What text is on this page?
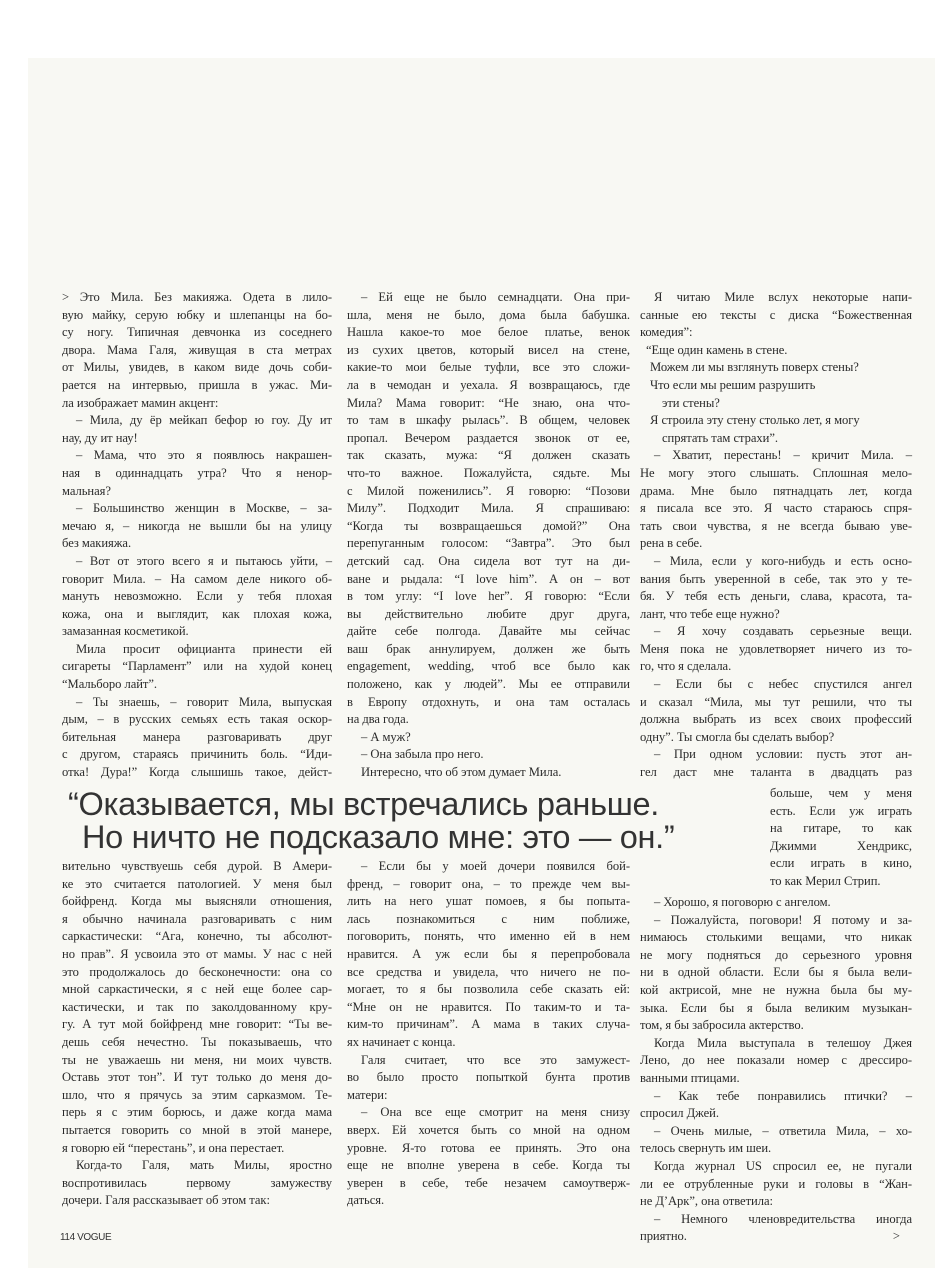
> Это Мила. Без макияжа. Одета в лило-
вую майку, серую юбку и шлепанцы на бо-
су ногу. Типичная девчонка из соседнего
двора. Мама Галя, живущая в ста метрах
от Милы, увидев, в каком виде дочь соби-
рается на интервью, пришла в ужас. Ми-
ла изображает мамин акцент:
– Мила, ду ёр мейкап бефор ю гоу. Ду ит
нау, ду ит нау!
– Мама, что это я появлюсь накрашен-
ная в одиннадцать утра? Что я ненор-
мальная?
– Большинство женщин в Москве, – за-
мечаю я, – никогда не вышли бы на улицу
без макияжа.
– Вот от этого всего я и пытаюсь уйти, –
говорит Мила. – На самом деле никого об-
мануть невозможно. Если у тебя плохая
кожа, она и выглядит, как плохая кожа,
замазанная косметикой.
Мила просит официанта принести ей
сигареты “Парламент” или на худой конец
“Мальборо лайт”.
– Ты знаешь, – говорит Мила, выпуская
дым, – в русских семьях есть такая оскор-
бительная манера разговаривать друг
с другом, стараясь причинить боль. “Иди-
отка! Дура!” Когда слышишь такое, дейст-
– Ей еще не было семнадцати. Она при-
шла, меня не было, дома была бабушка.
Нашла какое-то мое белое платье, венок
из сухих цветов, который висел на стене,
какие-то мои белые туфли, все это сложи-
ла в чемодан и уехала. Я возвращаюсь, где
Мила? Мама говорит: “Не знаю, она что-
то там в шкафу рылась”. В общем, человек
пропал. Вечером раздается звонок от ее,
так сказать, мужа: “Я должен сказать
что-то важное. Пожалуйста, сядьте. Мы
с Милой поженились”. Я говорю: “Позови
Милу”. Подходит Мила. Я спрашиваю:
“Когда ты возвращаешься домой?” Она
перепуганным голосом: “Завтра”. Это был
детский сад. Она сидела вот тут на ди-
ване и рыдала: “I love him”. А он – вот
в том углу: “I love her”. Я говорю: “Если
вы действительно любите друг друга,
дайте себе полгода. Давайте мы сейчас
ваш брак аннулируем, должен же быть
engagement, wedding, чтоб все было как
положено, как у людей”. Мы ее отправили
в Европу отдохнуть, и она там осталась
на два года.
– А муж?
– Она забыла про него.
Интересно, что об этом думает Мила.
Я читаю Миле вслух некоторые напи-
санные ею тексты с диска “Божественная
комедия”:
“Еще один камень в стене.
Можем ли мы взглянуть поверх стены?
Что если мы решим разрушить
эти стены?
Я строила эту стену столько лет, я могу
спрятать там страхи”.
– Хватит, перестань! – кричит Мила. –
Не могу этого слышать. Сплошная мело-
драма. Мне было пятнадцать лет, когда
я писала все это. Я часто стараюсь спря-
тать свои чувства, я не всегда бываю уве-
рена в себе.
– Мила, если у кого-нибудь и есть осно-
вания быть уверенной в себе, так это у те-
бя. У тебя есть деньги, слава, красота, та-
лант, что тебе еще нужно?
– Я хочу создавать серьезные вещи.
Меня пока не удовлетворяет ничего из то-
го, что я сделала.
– Если бы с небес спустился ангел
и сказал “Мила, мы тут решили, что ты
должна выбрать из всех своих профессий
одну”. Ты смогла бы сделать выбор?
– При одном условии: пусть этот ан-
гел даст мне таланта в двадцать раз
больше, чем у меня
есть. Если уж играть
на гитаре, то как
Джимми Хендрикс,
если играть в кино,
то как Мерил Стрип.
“Оказывается, мы встречались раньше.
Но ничто не подсказало мне: это — он.”
вительно чувствуешь себя дурой. В Амери-
ке это считается патологией. У меня был
бойфренд. Когда мы выясняли отношения,
я обычно начинала разговаривать с ним
саркастически: “Ага, конечно, ты абсолют-
но прав”. Я усвоила это от мамы. У нас с ней
это продолжалось до бесконечности: она со
мной саркастически, я с ней еще более сар-
кастически, и так по заколдованному кру-
гу. А тут мой бойфренд мне говорит: “Ты ве-
дешь себя нечестно. Ты показываешь, что
ты не уважаешь ни меня, ни моих чувств.
Оставь этот тон”. И тут только до меня до-
шло, что я прячусь за этим сарказмом. Те-
перь я с этим борюсь, и даже когда мама
пытается говорить со мной в этой манере,
я говорю ей “перестань”, и она перестает.
Когда-то Галя, мать Милы, яростно
воспротивилась первому замужеству
дочери. Галя рассказывает об этом так:
– Если бы у моей дочери появился бой-
френд, – говорит она, – то прежде чем вы-
лить на него ушат помоев, я бы попыта-
лась познакомиться с ним поближе,
поговорить, понять, что именно ей в нем
нравится. А уж если бы я перепробовала
все средства и увидела, что ничего не по-
могает, то я бы позволила себе сказать ей:
“Мне он не нравится. По таким-то и та-
ким-то причинам”. А мама в таких случа-
ях начинает с конца.
Галя считает, что все это замужест-
во было просто попыткой бунта против
матери:
– Она все еще смотрит на меня снизу
вверх. Ей хочется быть со мной на одном
уровне. Я-то готова ее принять. Это она
еще не вполне уверена в себе. Когда ты
уверен в себе, тебе незачем самоутверж-
даться.
– Хорошо, я поговорю с ангелом.
– Пожалуйста, поговори! Я потому и за-
нимаюсь столькими вещами, что никак
не могу подняться до серьезного уровня
ни в одной области. Если бы я была вели-
кой актрисой, мне не нужна была бы му-
зыка. Если бы я была великим музыкан-
том, я бы забросила актерство.
Когда Мила выступала в телешоу Джея
Лено, до нее показали номер с дрессиро-
ванными птицами.
– Как тебе понравились птички? –
спросил Джей.
– Очень милые, – ответила Мила, – хо-
телось свернуть им шеи.
Когда журнал US спросил ее, не пугали
ли ее отрубленные руки и головы в “Жан-
не Д’Арк”, она ответила:
– Немного членовредительства иногда
приятно.	>
114 VOGUE
